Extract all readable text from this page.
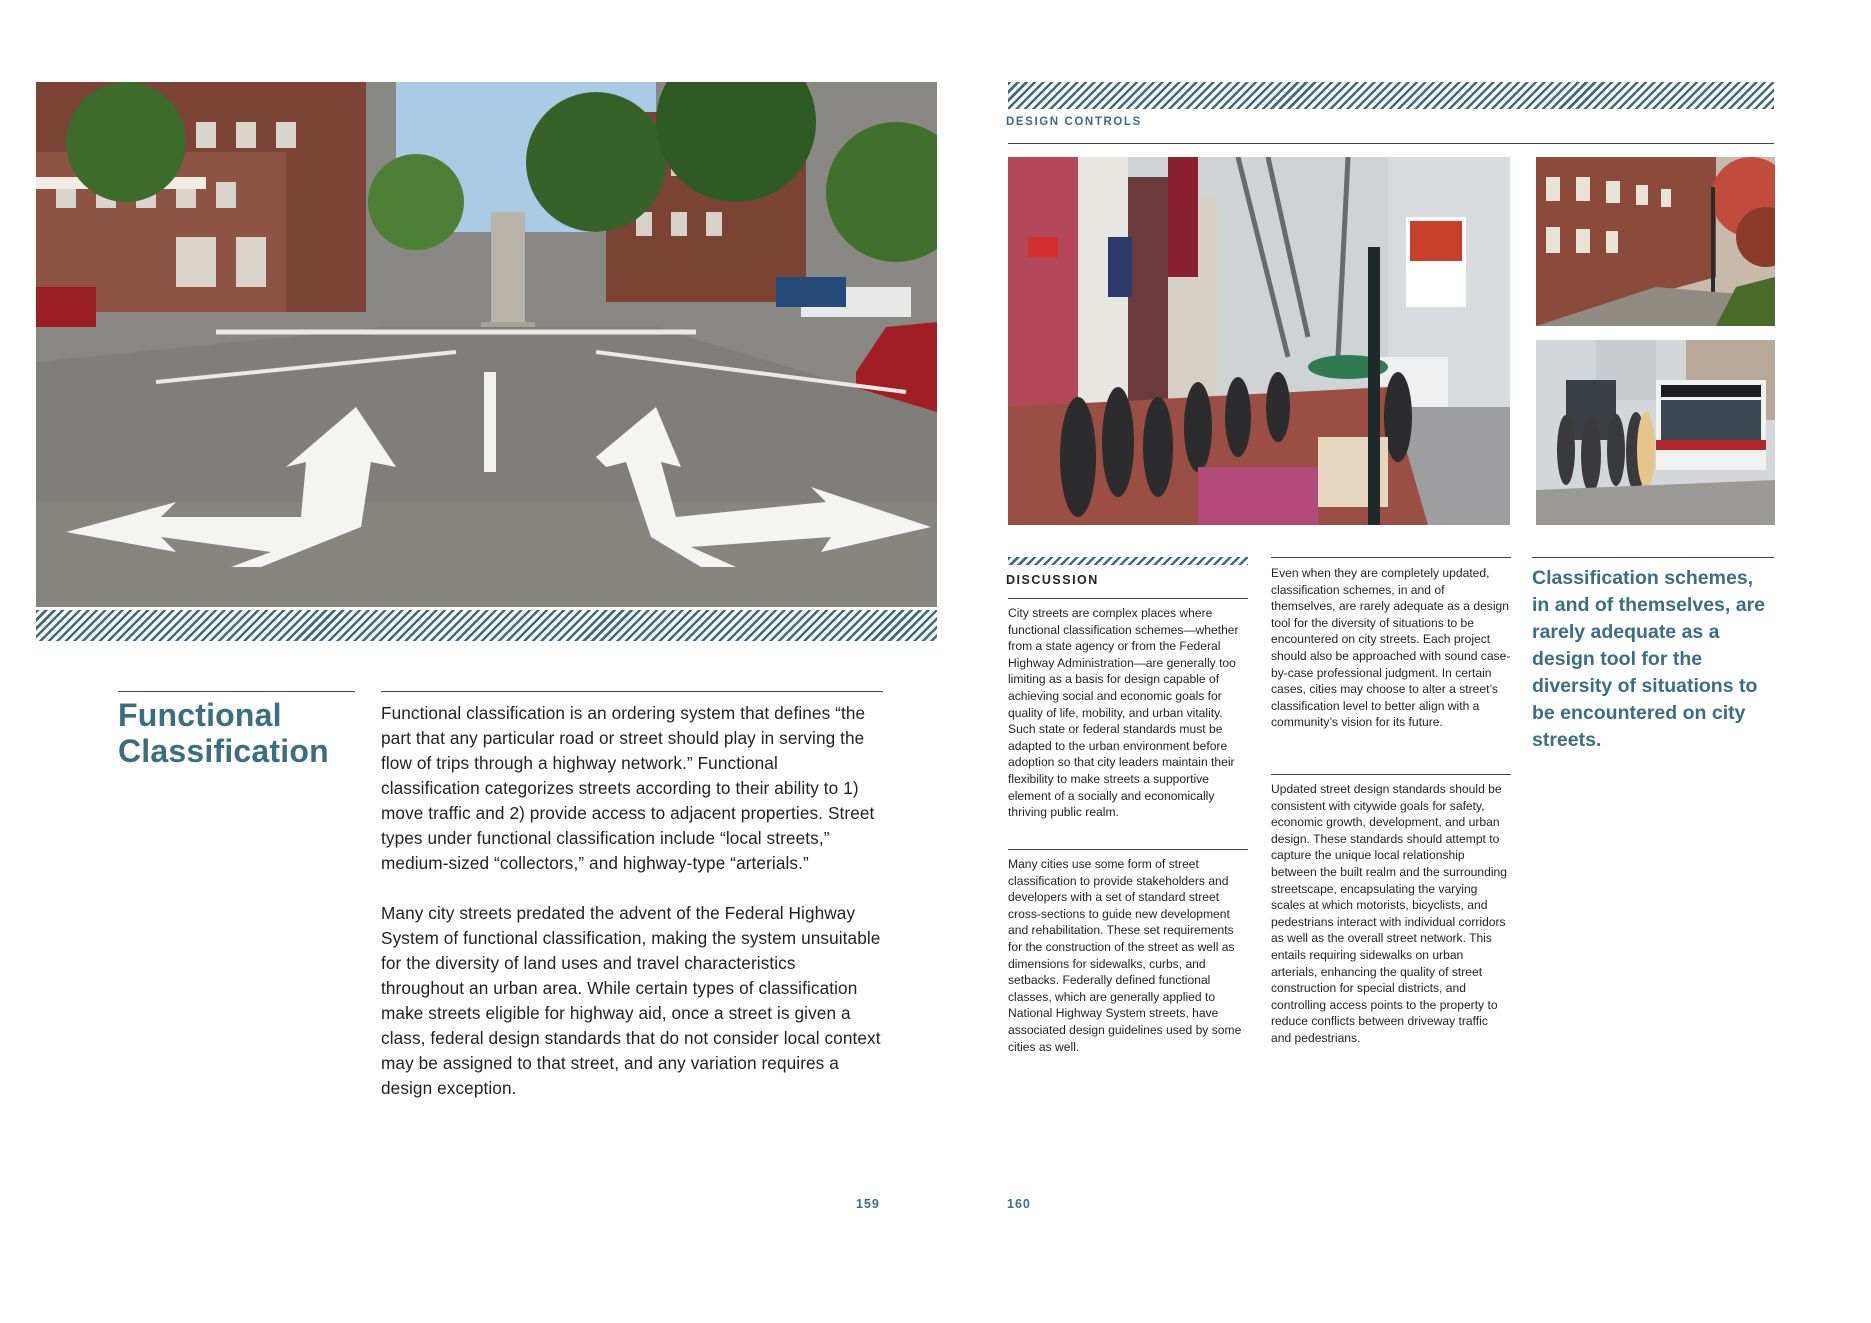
Functional Classification

Functional classification is an ordering system that defines “the part that any particular road or street should play in serving the flow of trips through a highway network.” Functional classification categorizes streets according to their ability to 1) move traffic and 2) provide access to adjacent properties. Street types under functional classification include “local streets,” medium-sized “collectors,” and highway-type “arterials.”

Many city streets predated the advent of the Federal Highway System of functional classification, making the system unsuitable for the diversity of land uses and travel characteristics throughout an urban area. While certain types of classification make streets eligible for highway aid, once a street is given a class, federal design standards that do not consider local context may be assigned to that street, and any variation requires a design exception.

159
DESIGN CONTROLS
DISCUSSION

City streets are complex places where functional classification schemes—whether from a state agency or from the Federal Highway Administration—are generally too limiting as a basis for design capable of achieving social and economic goals for quality of life, mobility, and urban vitality. Such state or federal standards must be adapted to the urban environment before adoption so that city leaders maintain their flexibility to make streets a supportive element of a socially and economically thriving public realm.

Many cities use some form of street classification to provide stakeholders and developers with a set of standard street cross-sections to guide new development and rehabilitation. These set requirements for the construction of the street as well as dimensions for sidewalks, curbs, and setbacks. Federally defined functional classes, which are generally applied to National Highway System streets, have associated design guidelines used by some cities as well.

Even when they are completely updated, classification schemes, in and of themselves, are rarely adequate as a design tool for the diversity of situations to be encountered on city streets. Each project should also be approached with sound case-by-case professional judgment. In certain cases, cities may choose to alter a street’s classification level to better align with a community’s vision for its future.

Updated street design standards should be consistent with citywide goals for safety, economic growth, development, and urban design. These standards should attempt to capture the unique local relationship between the built realm and the surrounding streetscape, encapsulating the varying scales at which motorists, bicyclists, and pedestrians interact with individual corridors as well as the overall street network. This entails requiring sidewalks on urban arterials, enhancing the quality of street construction for special districts, and controlling access points to the property to reduce conflicts between driveway traffic and pedestrians.

Classification schemes, in and of themselves, are rarely adequate as a design tool for the diversity of situations to be encountered on city streets.
160
